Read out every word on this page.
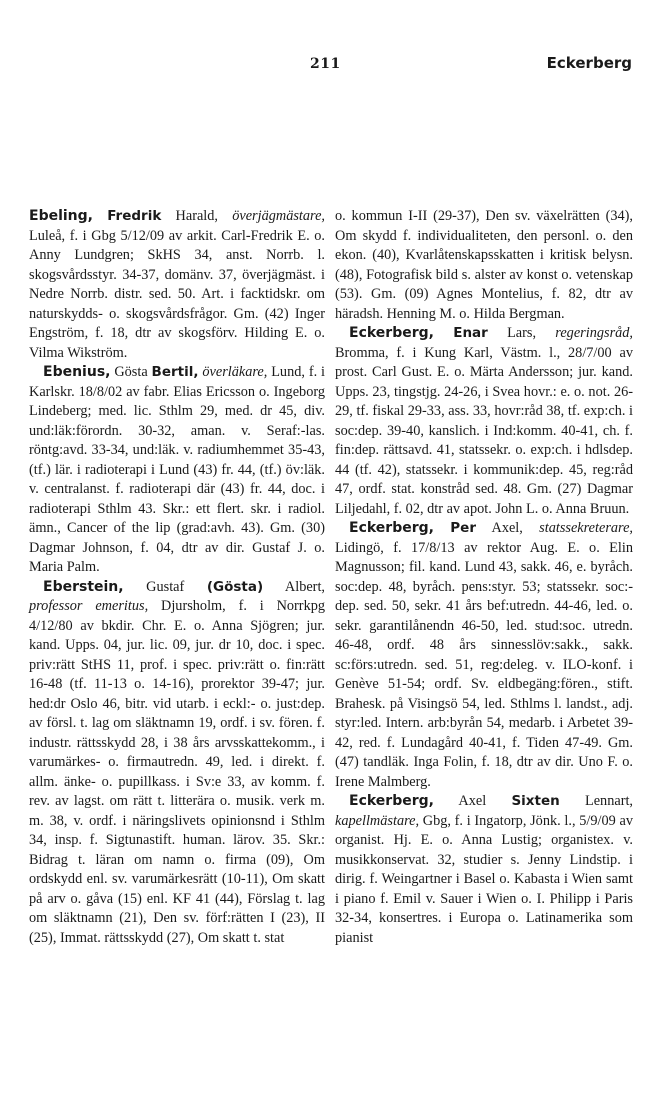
211	Eckerberg

Ebeling, Fredrik Harald, överjägmästare, Luleå, f. i Gbg 5/12/09 av arkit. Carl-Fredrik E. o. Anny Lundgren; SkHS 34, anst. Norrb. l. skogsvårdsstyr. 34-37, domänv. 37, överjägmäst. i Nedre Norrb. distr. sed. 50. Art. i facktidskr. om naturskydds- o. skogsvårdsfrågor. Gm. (42) Inger Engström, f. 18, dtr av skogsförv. Hilding E. o. Vilma Wikström.

Ebenius, Gösta Bertil, överläkare, Lund, f. i Karlskr. 18/8/02 av fabr. Elias Ericsson o. Ingeborg Lindeberg; med. lic. Sthlm 29, med. dr 45, div. und:läk:förordn. 30-32, aman. v. Seraf:-las. röntg:avd. 33-34, und:läk. v. radiumhemmet 35-43, (tf.) lär. i radioterapi i Lund (43) fr. 44, (tf.) öv:läk. v. centralanst. f. radioterapi där (43) fr. 44, doc. i radioterapi Sthlm 43. Skr.: ett flert. skr. i radiol. ämn., Cancer of the lip (grad:avh. 43). Gm. (30) Dagmar Johnson, f. 04, dtr av dir. Gustaf J. o. Maria Palm.

Eberstein, Gustaf (Gösta) Albert, professor emeritus, Djursholm, f. i Norrkpg 4/12/80 av bkdir. Chr. E. o. Anna Sjögren; jur. kand. Upps. 04, jur. lic. 09, jur. dr 10, doc. i spec. priv:rätt StHS 11, prof. i spec. priv:rätt o. fin:rätt 16-48 (tf. 11-13 o. 14-16), prorektor 39-47; jur. hed:dr Oslo 46, bitr. vid utarb. i eckl:- o. just:dep. av försl. t. lag om släktnamn 19, ordf. i sv. fören. f. industr. rättsskydd 28, i 38 års arvsskattekomm., i varumärkes- o. firmautredn. 49, led. i direkt. f. allm. änke- o. pupillkass. i Sv:e 33, av komm. f. rev. av lagst. om rätt t. litterära o. musik. verk m. m. 38, v. ordf. i näringslivets opinionsnd i Sthlm 34, insp. f. Sigtunastift. human. lärov. 35. Skr.: Bidrag t. läran om namn o. firma (09), Om ordskydd enl. sv. varumärkesrätt (10-11), Om skatt på arv o. gåva (15) enl. KF 41 (44), Förslag t. lag om släktnamn (21), Den sv. förf:rätten I (23), II (25), Immat. rättsskydd (27), Om skatt t. stat

o. kommun I-II (29-37), Den sv. växelrätten (34), Om skydd f. individualiteten, den personl. o. den ekon. (40), Kvarlåtenskapsskatten i kritisk belysn. (48), Fotografisk bild s. alster av konst o. vetenskap (53). Gm. (09) Agnes Montelius, f. 82, dtr av häradsh. Henning M. o. Hilda Bergman.

Eckerberg, Enar Lars, regeringsråd, Bromma, f. i Kung Karl, Västm. l., 28/7/00 av prost. Carl Gust. E. o. Märta Andersson; jur. kand. Upps. 23, tingstjg. 24-26, i Svea hovr.: e. o. not. 26-29, tf. fiskal 29-33, ass. 33, hovr:råd 38, tf. exp:ch. i soc:dep. 39-40, kanslich. i Ind:komm. 40-41, ch. f. fin:dep. rättsavd. 41, statssekr. o. exp:ch. i hdlsdep. 44 (tf. 42), statssekr. i kommunik:dep. 45, reg:råd 47, ordf. stat. konstråd sed. 48. Gm. (27) Dagmar Liljedahl, f. 02, dtr av apot. John L. o. Anna Bruun.

Eckerberg, Per Axel, statssekreterare, Lidingö, f. 17/8/13 av rektor Aug. E. o. Elin Magnusson; fil. kand. Lund 43, sakk. 46, e. byråch. soc:dep. 48, byråch. pens:styr. 53; statssekr. soc:-dep. sed. 50, sekr. 41 års bef:utredn. 44-46, led. o. sekr. garantilånendn 46-50, led. stud:soc. utredn. 46-48, ordf. 48 års sinnesslöv:sakk., sakk. sc:förs:utredn. sed. 51, reg:deleg. v. ILO-konf. i Genève 51-54; ordf. Sv. eldbegäng:fören., stift. Brahesk. på Visingsö 54, led. Sthlms l. landst., adj. styr:led. Intern. arb:byrån 54, medarb. i Arbetet 39-42, red. f. Lundagård 40-41, f. Tiden 47-49. Gm. (47) tandläk. Inga Folin, f. 18, dtr av dir. Uno F. o. Irene Malmberg.

Eckerberg, Axel Sixten Lennart, kapellmästare, Gbg, f. i Ingatorp, Jönk. l., 5/9/09 av organist. Hj. E. o. Anna Lustig; organistex. v. musikkonservat. 32, studier s. Jenny Lindstip. i dirig. f. Weingartner i Basel o. Kabasta i Wien samt i piano f. Emil v. Sauer i Wien o. I. Philipp i Paris 32-34, konsertres. i Europa o. Latinamerika som pianist
